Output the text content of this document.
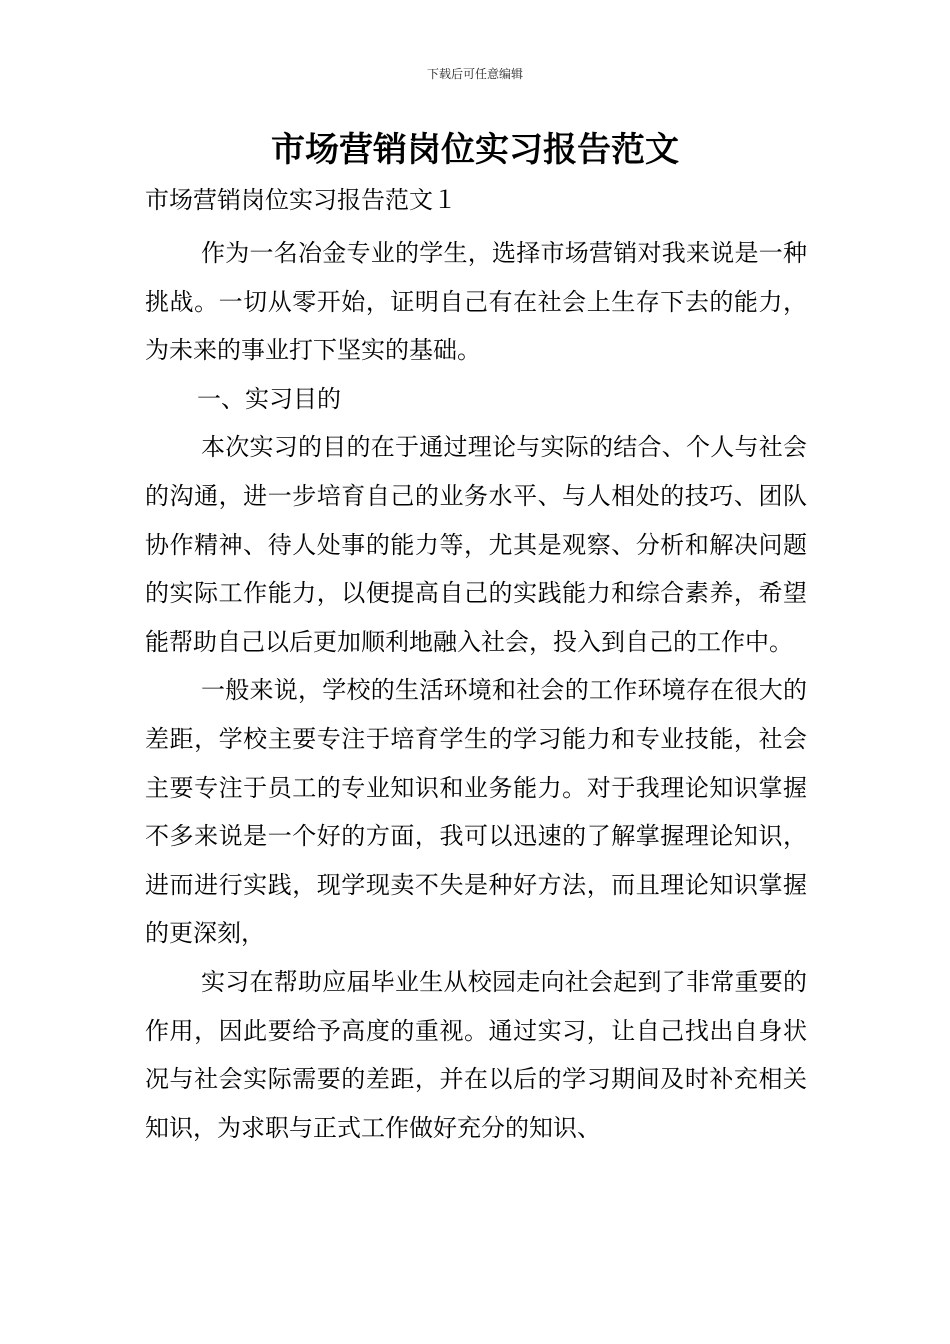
下载后可任意编辑
市场营销岗位实习报告范文

市场营销岗位实习报告范文１

作为一名冶金专业的学生，选择市场营销对我来说是一种挑战。一切从零开始，证明自己有在社会上生存下去的能力，为未来的事业打下坚实的基础。

一、实习目的

本次实习的目的在于通过理论与实际的结合、个人与社会的沟通，进一步培育自己的业务水平、与人相处的技巧、团队协作精神、待人处事的能力等，尤其是观察、分析和解决问题的实际工作能力，以便提高自己的实践能力和综合素养，希望能帮助自己以后更加顺利地融入社会，投入到自己的工作中。

一般来说，学校的生活环境和社会的工作环境存在很大的差距，学校主要专注于培育学生的学习能力和专业技能，社会主要专注于员工的专业知识和业务能力。对于我理论知识掌握不多来说是一个好的方面，我可以迅速的了解掌握理论知识，进而进行实践，现学现卖不失是种好方法，而且理论知识掌握的更深刻，

实习在帮助应届毕业生从校园走向社会起到了非常重要的作用，因此要给予高度的重视。通过实习，让自己找出自身状况与社会实际需要的差距，并在以后的学习期间及时补充相关知识，为求职与正式工作做好充分的知识、
